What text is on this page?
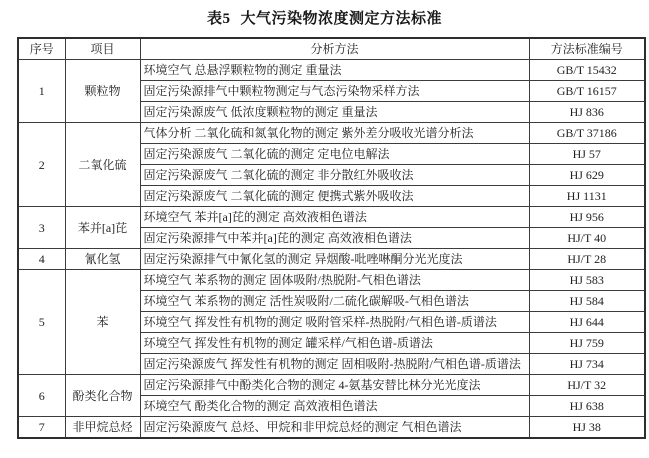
表5 大气污染物浓度测定方法标准
序号	项目	分析方法	方法标准编号
1	颗粒物	环境空气 总悬浮颗粒物的测定 重量法	GB/T 15432
		固定污染源排气中颗粒物测定与气态污染物采样方法	GB/T 16157
		固定污染源废气 低浓度颗粒物的测定 重量法	HJ 836
2	二氧化硫	气体分析 二氧化硫和氮氧化物的测定 紫外差分吸收光谱分析法	GB/T 37186
		固定污染源废气 二氧化硫的测定 定电位电解法	HJ 57
		固定污染源废气 二氧化硫的测定 非分散红外吸收法	HJ 629
		固定污染源废气 二氧化硫的测定 便携式紫外吸收法	HJ 1131
3	苯并[a]芘	环境空气 苯并[a]芘的测定 高效液相色谱法	HJ 956
		固定污染源排气中苯并[a]芘的测定 高效液相色谱法	HJ/T 40
4	氰化氢	固定污染源排气中氰化氢的测定 异烟酸-吡唑啉酮分光光度法	HJ/T 28
5	苯	环境空气 苯系物的测定 固体吸附/热脱附-气相色谱法	HJ 583
		环境空气 苯系物的测定 活性炭吸附/二硫化碳解吸-气相色谱法	HJ 584
		环境空气 挥发性有机物的测定 吸附管采样-热脱附/气相色谱-质谱法	HJ 644
		环境空气 挥发性有机物的测定 罐采样/气相色谱-质谱法	HJ 759
		固定污染源废气 挥发性有机物的测定 固相吸附-热脱附/气相色谱-质谱法	HJ 734
6	酚类化合物	固定污染源排气中酚类化合物的测定 4-氨基安替比林分光光度法	HJ/T 32
		环境空气 酚类化合物的测定 高效液相色谱法	HJ 638
7	非甲烷总烃	固定污染源废气 总烃、甲烷和非甲烷总烃的测定 气相色谱法	HJ 38
